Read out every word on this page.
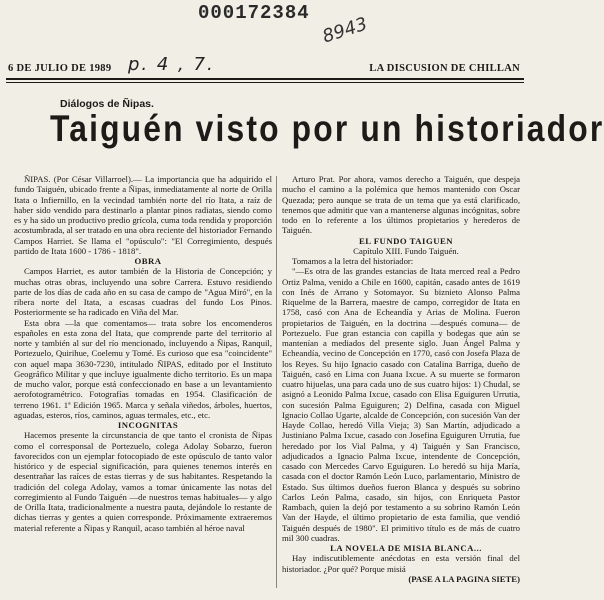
000172384
8943
6 DE JULIO DE 1989 p. 4 , 7.	LA DISCUSION DE CHILLAN
Diálogos de Ñipas.
Taiguén visto por un historiador

ÑIPAS. (Por César Villarroel).— La importancia que ha adquirido el fundo Taiguén, ubicado frente a Ñipas, inmediatamente al norte de Orilla Itata o Infiernillo, en la vecindad también norte del río Itata, a raíz de haber sido vendido para destinarlo a plantar pinos radiatas, siendo como es y ha sido un productivo predio grícola, cuma toda rendida y proporción acostumbrada, al ser tratado en una obra reciente del historiador Fernando Campos Harriet. Se llama el "opúsculo": "El Corregimiento, después partido de Itata 1600 - 1786 - 1818".

OBRA

Campos Harriet, es autor también de la Historia de Concepción; y muchas otras obras, incluyendo una sobre Carrera. Estuvo residiendo parte de los días de cada año en su casa de campo de "Agua Miró", en la ribera norte del Itata, a escasas cuadras del fundo Los Pinos. Posteriormente se ha radicado en Viña del Mar.

Esta obra —la que comentamos— trata sobre los encomenderos españoles en esta zona del Itata, que comprende parte del territorio al norte y también al sur del río mencionado, incluyendo a Ñipas, Ranquil, Portezuelo, Quirihue, Coelemu y Tomé. Es curioso que esa "coincidente" con aquel mapa 3630-7230, intitulado ÑIPAS, editado por el Instituto Geográfico Militar y que incluye igualmente dicho territorio. Es un mapa de mucho valor, porque está confeccionado en base a un levantamiento aerofotogramétrico. Fotografías tomadas en 1954. Clasificación de terreno 1961. 1ª Edición 1965. Marca y señala viñedos, árboles, huertos, aguadas, esteros, ríos, caminos, aguas termales, etc., etc.

INCOGNITAS

Hacemos presente la circunstancia de que tanto el cronista de Ñipas como el corresponsal de Portezuelo, colega Adolay Sobarzo, fueron favorecidos con un ejemplar fotocopiado de este opúsculo de tanto valor histórico y de especial significación, para quienes tenemos interés en desentrañar las raíces de estas tierras y de sus habitantes. Respetando la tradición del colega Adolay, vamos a tomar únicamente las notas del corregimiento al Fundo Taiguén —de nuestros temas habituales— y algo de Orilla Itata, tradicionalmente a nuestra pauta, dejándole lo restante de dichas tierras y gentes a quien corresponde. Próximamente extraeremos material referente a Ñipas y Ranquil, acaso también al héroe naval

Arturo Prat. Por ahora, vamos derecho a Taiguén, que despeja mucho el camino a la polémica que hemos mantenido con Oscar Quezada; pero aunque se trata de un tema que ya está clarificado, tenemos que admitir que van a mantenerse algunas incógnitas, sobre todo en lo referente a los últimos propietarios y herederos de Taiguén.

EL FUNDO TAIGUEN

Capítulo XIII. Fundo Taiguén.

Tomamos a la letra del historiador:

"—Es otra de las grandes estancias de Itata merced real a Pedro Ortiz Palma, venido a Chile en 1600, capitán, casado antes de 1619 con Inés de Arrano y Sotomayor. Su biznieto Alonso Palma Riquelme de la Barrera, maestre de campo, corregidor de Itata en 1758, casó con Ana de Echeandía y Arias de Molina. Fueron propietarios de Taiguén, en la doctrina —después comuna— de Portezuelo. Fue gran estancia con capilla y bodegas que aún se mantenían a mediados del presente siglo. Juan Ángel Palma y Echeandía, vecino de Concepción en 1770, casó con Josefa Plaza de los Reyes. Su hijo Ignacio casado con Catalina Barriga, dueño de Taiguén, casó en Lima con Juana Ixcue. A su muerte se formaron cuatro hijuelas, una para cada uno de sus cuatro hijos: 1) Chudal, se asignó a Leonido Palma Ixcue, casado con Elisa Eguiguren Urrutia, con sucesión Palma Eguiguren; 2) Delfina, casada con Miguel Ignacio Collao Ugarte, alcalde de Concepción, con sucesión Van der Hayde Collao, heredó Villa Vieja; 3) San Martín, adjudicado a Justiniano Palma Ixcue, casado con Josefina Eguiguren Urrutia, fue heredado por los Vial Palma, y 4) Taiguén y San Francisco, adjudicados a Ignacio Palma Ixcue, intendente de Concepción, casado con Mercedes Carvo Eguiguren. Lo heredó su hija María, casada con el doctor Ramón León Luco, parlamentario, Ministro de Estado. Sus últimos dueños fueron Blanca y después su sobrino Carlos León Palma, casado, sin hijos, con Enriqueta Pastor Rambach, quien la dejó por testamento a su sobrino Ramón León Van der Hayde, el último propietario de esta familia, que vendió Taiguén después de 1980". El primitivo título es de más de cuatro mil 300 cuadras.

LA NOVELA DE MISIA BLANCA...

Hay indiscutiblemente anécdotas en esta versión final del historiador. ¿Por qué? Porque misiá

(PASE A LA PAGINA SIETE)
